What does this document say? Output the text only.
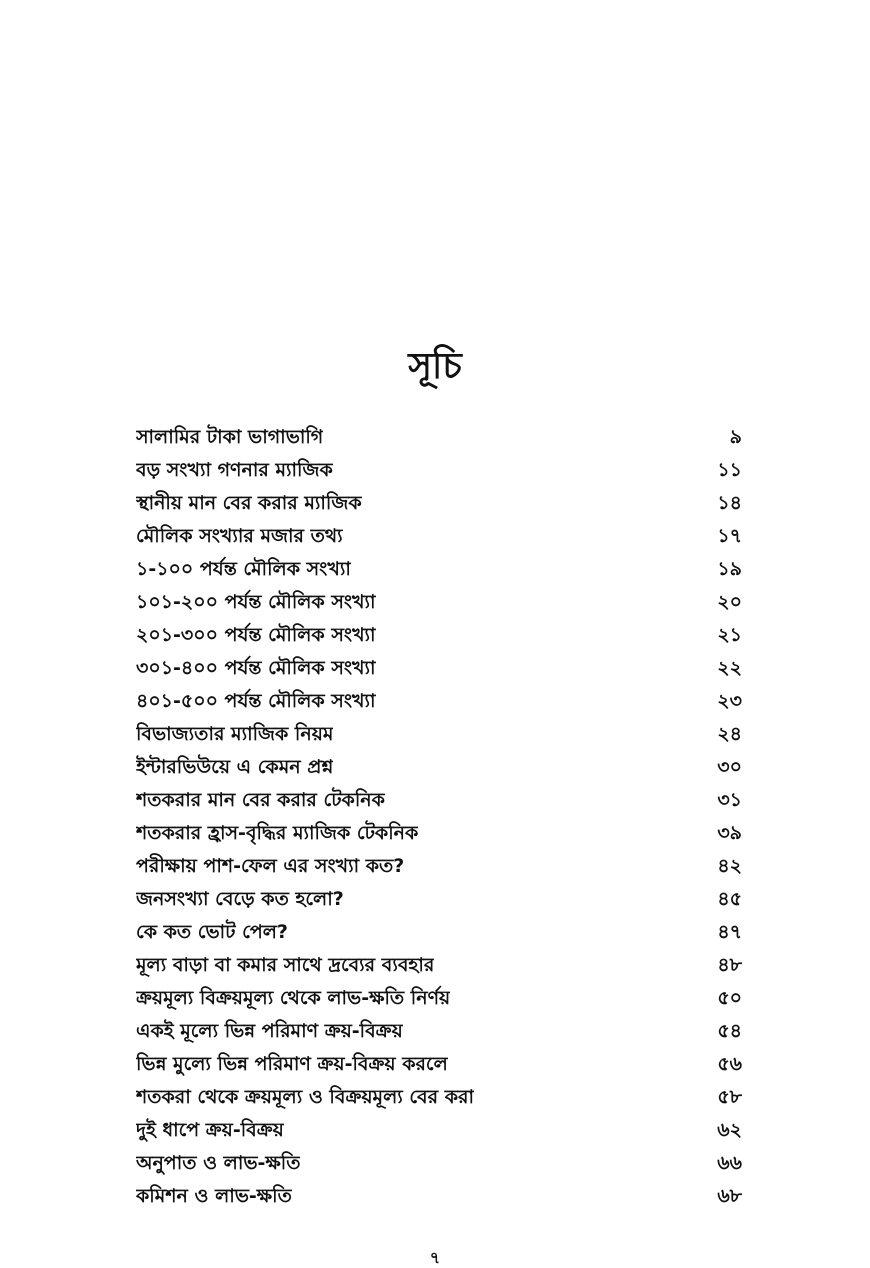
সূচি
সালামির টাকা ভাগাভাগি	৯
বড় সংখ্যা গণনার ম্যাজিক	১১
স্থানীয় মান বের করার ম্যাজিক	১৪
মৌলিক সংখ্যার মজার তথ্য	১৭
১-১০০ পর্যন্ত মৌলিক সংখ্যা	১৯
১০১-২০০ পর্যন্ত মৌলিক সংখ্যা	২০
২০১-৩০০ পর্যন্ত মৌলিক সংখ্যা	২১
৩০১-৪০০ পর্যন্ত মৌলিক সংখ্যা	২২
৪০১-৫০০ পর্যন্ত মৌলিক সংখ্যা	২৩
বিভাজ্যতার ম্যাজিক নিয়ম	২৪
ইন্টারভিউয়ে এ কেমন প্রশ্ন	৩০
শতকরার মান বের করার টেকনিক	৩১
শতকরার হ্রাস-বৃদ্ধির ম্যাজিক টেকনিক	৩৯
পরীক্ষায় পাশ-ফেল এর সংখ্যা কত?	৪২
জনসংখ্যা বেড়ে কত হলো?	৪৫
কে কত ভোট পেল?	৪৭
মূল্য বাড়া বা কমার সাথে দ্রব্যের ব্যবহার	৪৮
ক্রয়মূল্য বিক্রয়মূল্য থেকে লাভ-ক্ষতি নির্ণয়	৫০
একই মূল্যে ভিন্ন পরিমাণ ক্রয়-বিক্রয়	৫৪
ভিন্ন মুল্যে ভিন্ন পরিমাণ ক্রয়-বিক্রয় করলে	৫৬
শতকরা থেকে ক্রয়মূল্য ও বিক্রয়মূল্য বের করা	৫৮
দুই ধাপে ক্রয়-বিক্রয়	৬২
অনুপাত ও লাভ-ক্ষতি	৬৬
কমিশন ও লাভ-ক্ষতি	৬৮
৭
